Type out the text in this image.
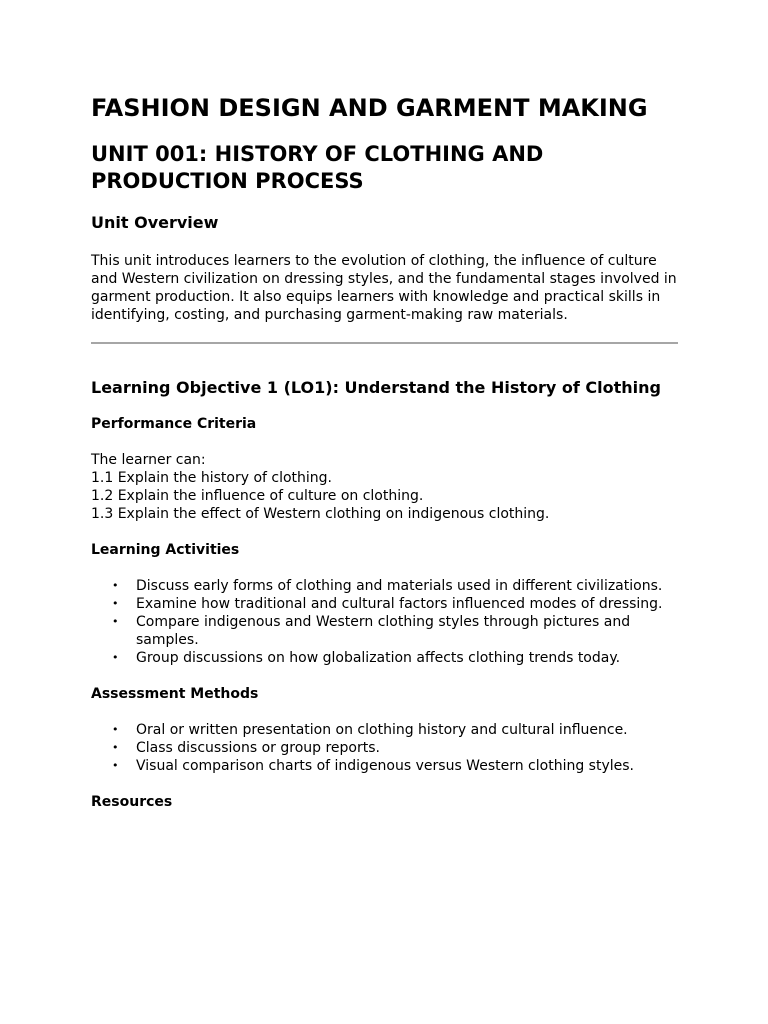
FASHION DESIGN AND GARMENT MAKING
UNIT 001: HISTORY OF CLOTHING AND PRODUCTION PROCESS
Unit Overview

This unit introduces learners to the evolution of clothing, the influence of culture and Western civilization on dressing styles, and the fundamental stages involved in garment production. It also equips learners with knowledge and practical skills in identifying, costing, and purchasing garment-making raw materials.

Learning Objective 1 (LO1): Understand the History of Clothing
Performance Criteria

The learner can:

1.1 Explain the history of clothing.

1.2 Explain the influence of culture on clothing.

1.3 Explain the effect of Western clothing on indigenous clothing.

Learning Activities
• Discuss early forms of clothing and materials used in different civilizations.
• Examine how traditional and cultural factors influenced modes of dressing.
• Compare indigenous and Western clothing styles through pictures and samples.
• Group discussions on how globalization affects clothing trends today.
Assessment Methods
• Oral or written presentation on clothing history and cultural influence.
• Class discussions or group reports.
• Visual comparison charts of indigenous versus Western clothing styles.
Resources
